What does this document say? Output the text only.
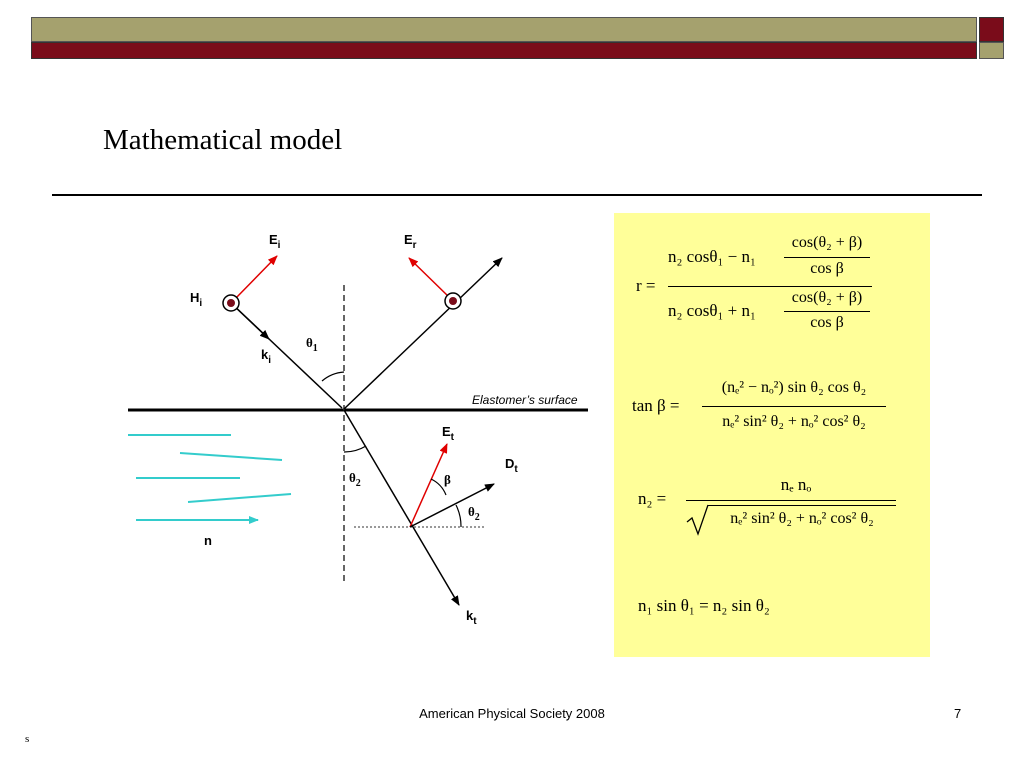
Mathematical model
$E_i$	$E_r$
$H_i$
$k_i$
$\theta_1$
$\theta_2$
$E_t$
$D_t$
β
$\theta_2$
$k_t$
n
Elastomer’s surface
r =
n₂ cosθ₁ − n₁
cos(θ₂ + β)
cos β
n₂ cosθ₁ + n₁
cos(θ₂ + β)
cos β
tan β =
(nₑ² − nₒ²) sin θ₂ cos θ₂
nₑ² sin² θ₂ + nₒ² cos² θ₂
n₂ =
nₑ nₒ
nₑ² sin² θ₂ + nₒ² cos² θ₂
n₁ sin θ₁ = n₂ sin θ₂
American Physical Society 2008	7
s
